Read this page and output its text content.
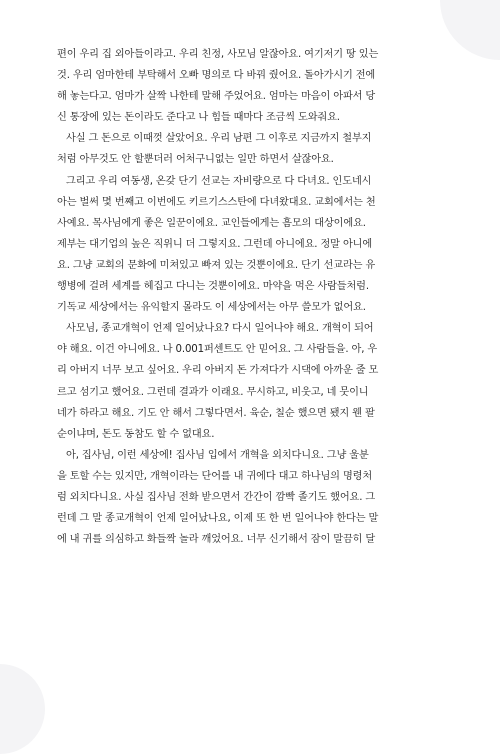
편이 우리 집 외아들이라고. 우리 친정, 사모님 알잖아요. 여기저기 땅 있는
것. 우리 엄마한테 부탁해서 오빠 명의로 다 바꿔 줬어요. 돌아가시기 전에
해 놓는다고. 엄마가 살짝 나한테 말해 주었어요. 엄마는 마음이 아파서 당
신 통장에 있는 돈이라도 준다고 나 힘들 때마다 조금씩 도와줘요.
사실 그 돈으로 이때껏 살았어요. 우리 남편 그 이후로 지금까지 철부지
처럼 아무것도 안 할뿐더러 어처구니없는 일만 하면서 살잖아요.
그리고 우리 여동생, 온갖 단기 선교는 자비량으로 다 다녀요. 인도네시
아는 벌써 몇 번째고 이번에도 키르기스스탄에 다녀왔대요. 교회에서는 천
사예요. 목사님에게 좋은 일꾼이에요. 교인들에게는 흠모의 대상이에요.
제부는 대기업의 높은 직위니 더 그렇지요. 그런데 아니에요. 정말 아니에
요. 그냥 교회의 문화에 미쳐있고 빠져 있는 것뿐이에요. 단기 선교라는 유
행병에 걸려 세계를 헤집고 다니는 것뿐이에요. 마약을 먹은 사람들처럼.
기독교 세상에서는 유익할지 몰라도 이 세상에서는 아무 쓸모가 없어요.
사모님, 종교개혁이 언제 일어났나요? 다시 일어나야 해요. 개혁이 되어
야 해요. 이건 아니에요. 나 0.001퍼센트도 안 믿어요. 그 사람들을. 아, 우
리 아버지 너무 보고 싶어요. 우리 아버지 돈 가져다가 시댁에 아까운 줄 모
르고 섬기고 했어요. 그런데 결과가 이래요. 무시하고, 비웃고, 네 뭇이니
네가 하라고 해요. 기도 안 해서 그렇다면서. 육순, 칠순 했으면 됐지 웬 팔
순이냐며, 돈도 동참도 할 수 없대요.
아, 집사님, 이런 세상에! 집사님 입에서 개혁을 외치다니요. 그냥 울분
을 토할 수는 있지만, 개혁이라는 단어를 내 귀에다 대고 하나님의 명령처
럼 외치다니요. 사실 집사님 전화 받으면서 간간이 깜빡 졸기도 했어요. 그
런데 그 말 종교개혁이 언제 일어났나요, 이제 또 한 번 일어나야 한다는 말
에 내 귀를 의심하고 화들짝 놀라 깨었어요. 너무 신기해서 잠이 말끔히 달
